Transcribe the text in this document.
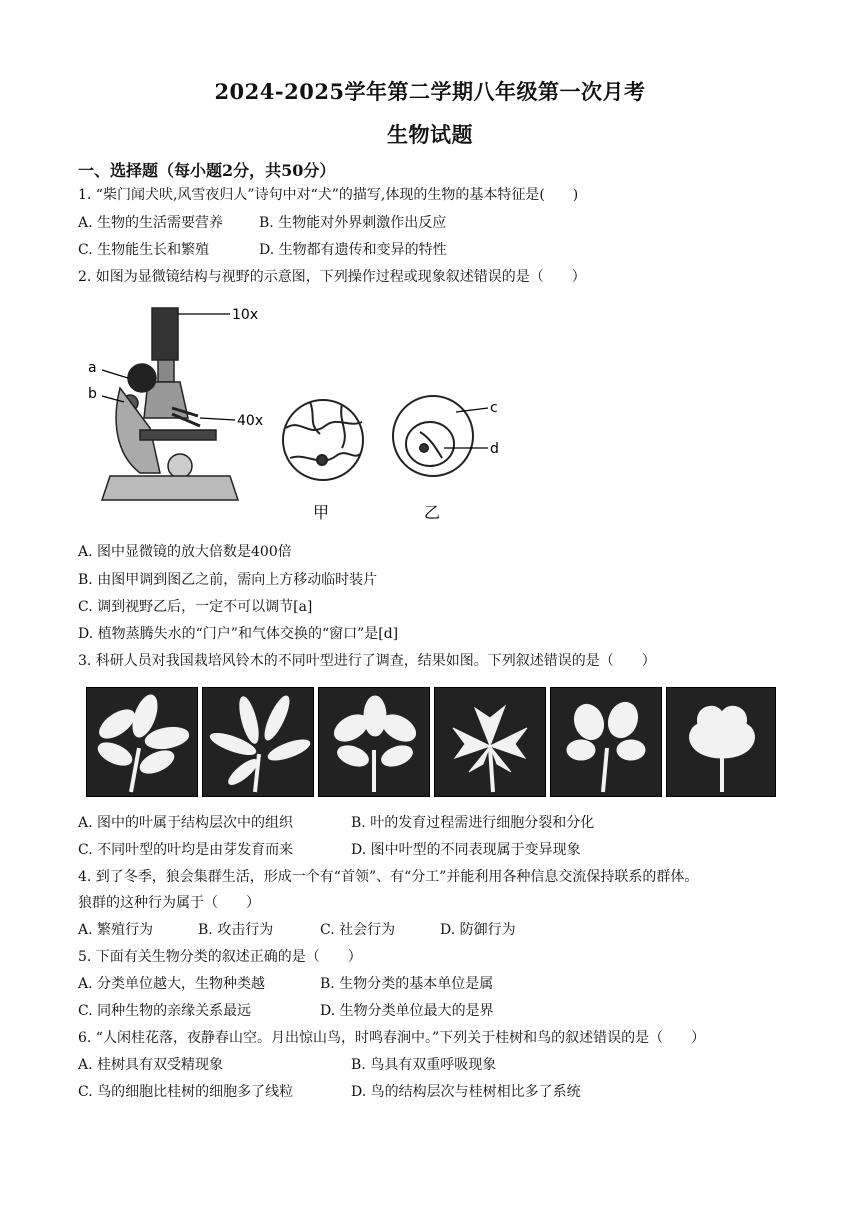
2024-2025学年第二学期八年级第一次月考
生物试题
一、选择题（每小题2分，共50分）
1. “柴门闻犬吠,风雪夜归人”诗句中对“犬”的描写,体现的生物的基本特征是(　　)
A. 生物的生活需要营养	B. 生物能对外界刺激作出反应
C. 生物能生长和繁殖	D. 生物都有遗传和变异的特性
2. 如图为显微镜结构与视野的示意图，下列操作过程或现象叙述错误的是（　　）
10x
40x
a
b
甲
c
d
乙
A. 图中显微镜的放大倍数是400倍
B. 由图甲调到图乙之前，需向上方移动临时装片
C. 调到视野乙后，一定不可以调节[a]
D. 植物蒸腾失水的“门户”和气体交换的“窗口”是[d]
3. 科研人员对我国栽培风铃木的不同叶型进行了调查，结果如图。下列叙述错误的是（　　）
A. 图中的叶属于结构层次中的组织	B. 叶的发育过程需进行细胞分裂和分化
C. 不同叶型的叶均是由芽发育而来	D. 图中叶型的不同表现属于变异现象
4. 到了冬季，狼会集群生活，形成一个有“首领”、有“分工”并能利用各种信息交流保持联系的群体。
狼群的这种行为属于（　　）
A. 繁殖行为	B. 攻击行为	C. 社会行为	D. 防御行为
5. 下面有关生物分类的叙述正确的是（　　）
A. 分类单位越大，生物种类越	B. 生物分类的基本单位是属
C. 同种生物的亲缘关系最远	D. 生物分类单位最大的是界
6. “人闲桂花落，夜静春山空。月出惊山鸟，时鸣春涧中。”下列关于桂树和鸟的叙述错误的是（　　）
A. 桂树具有双受精现象	B. 鸟具有双重呼吸现象
C. 鸟的细胞比桂树的细胞多了线粒	D. 鸟的结构层次与桂树相比多了系统
